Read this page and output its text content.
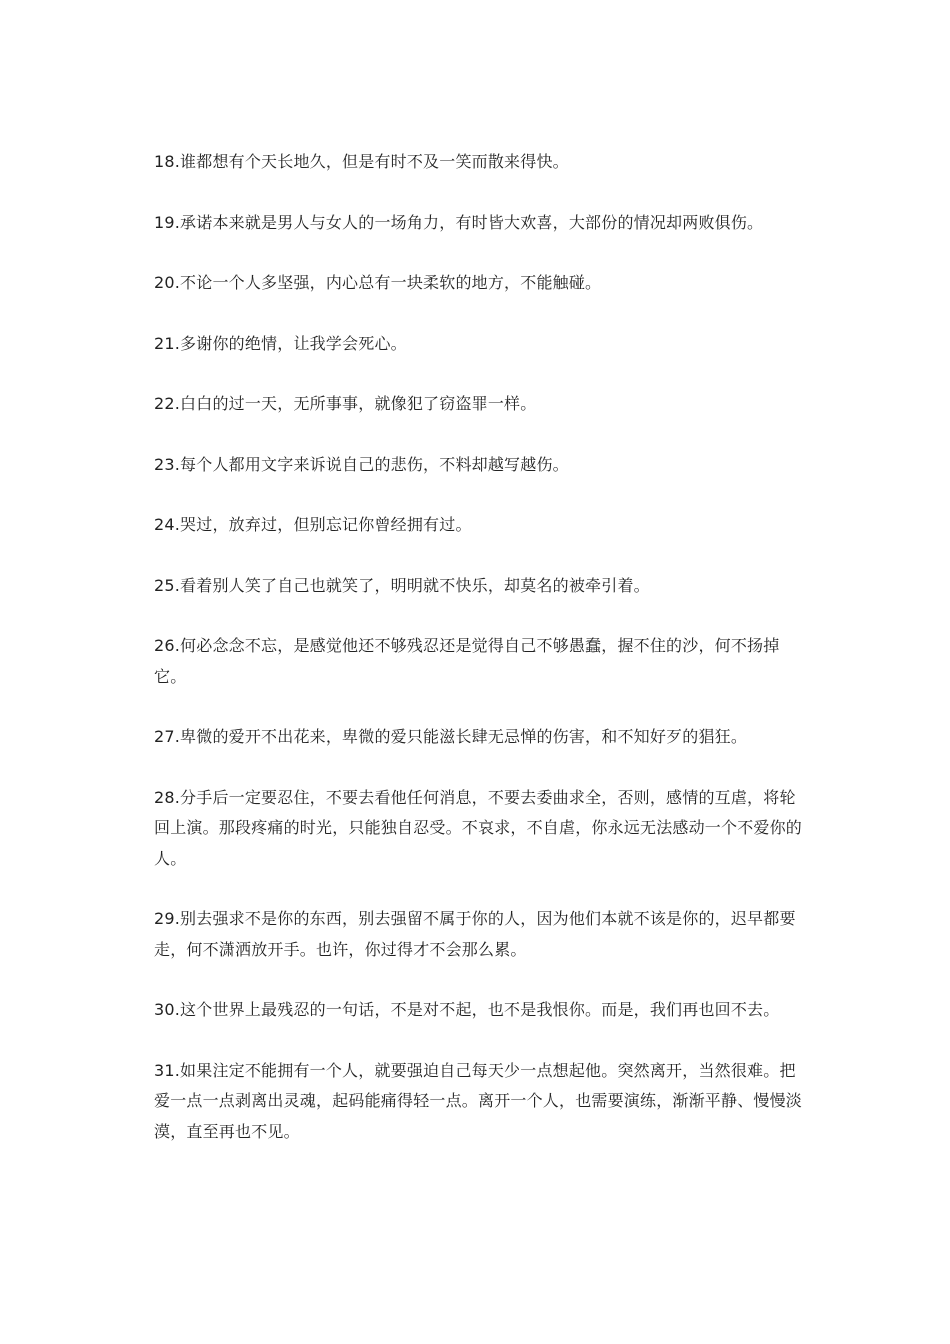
18.谁都想有个天长地久，但是有时不及一笑而散来得快。

19.承诺本来就是男人与女人的一场角力，有时皆大欢喜，大部份的情况却两败俱伤。

20.不论一个人多坚强，内心总有一块柔软的地方，不能触碰。

21.多谢你的绝情，让我学会死心。

22.白白的过一天，无所事事，就像犯了窃盗罪一样。

23.每个人都用文字来诉说自己的悲伤，不料却越写越伤。

24.哭过，放弃过，但别忘记你曾经拥有过。

25.看着别人笑了自己也就笑了，明明就不快乐，却莫名的被牵引着。

26.何必念念不忘，是感觉他还不够残忍还是觉得自己不够愚蠢，握不住的沙，何不扬掉它。

27.卑微的爱开不出花来，卑微的爱只能滋长肆无忌惮的伤害，和不知好歹的猖狂。

28.分手后一定要忍住，不要去看他任何消息，不要去委曲求全，否则，感情的互虐，将轮回上演。那段疼痛的时光，只能独自忍受。不哀求，不自虐，你永远无法感动一个不爱你的人。

29.别去强求不是你的东西，别去强留不属于你的人，因为他们本就不该是你的，迟早都要走，何不潇洒放开手。也许，你过得才不会那么累。

30.这个世界上最残忍的一句话，不是对不起，也不是我恨你。而是，我们再也回不去。

31.如果注定不能拥有一个人，就要强迫自己每天少一点想起他。突然离开，当然很难。把爱一点一点剥离出灵魂，起码能痛得轻一点。离开一个人，也需要演练，渐渐平静、慢慢淡漠，直至再也不见。
